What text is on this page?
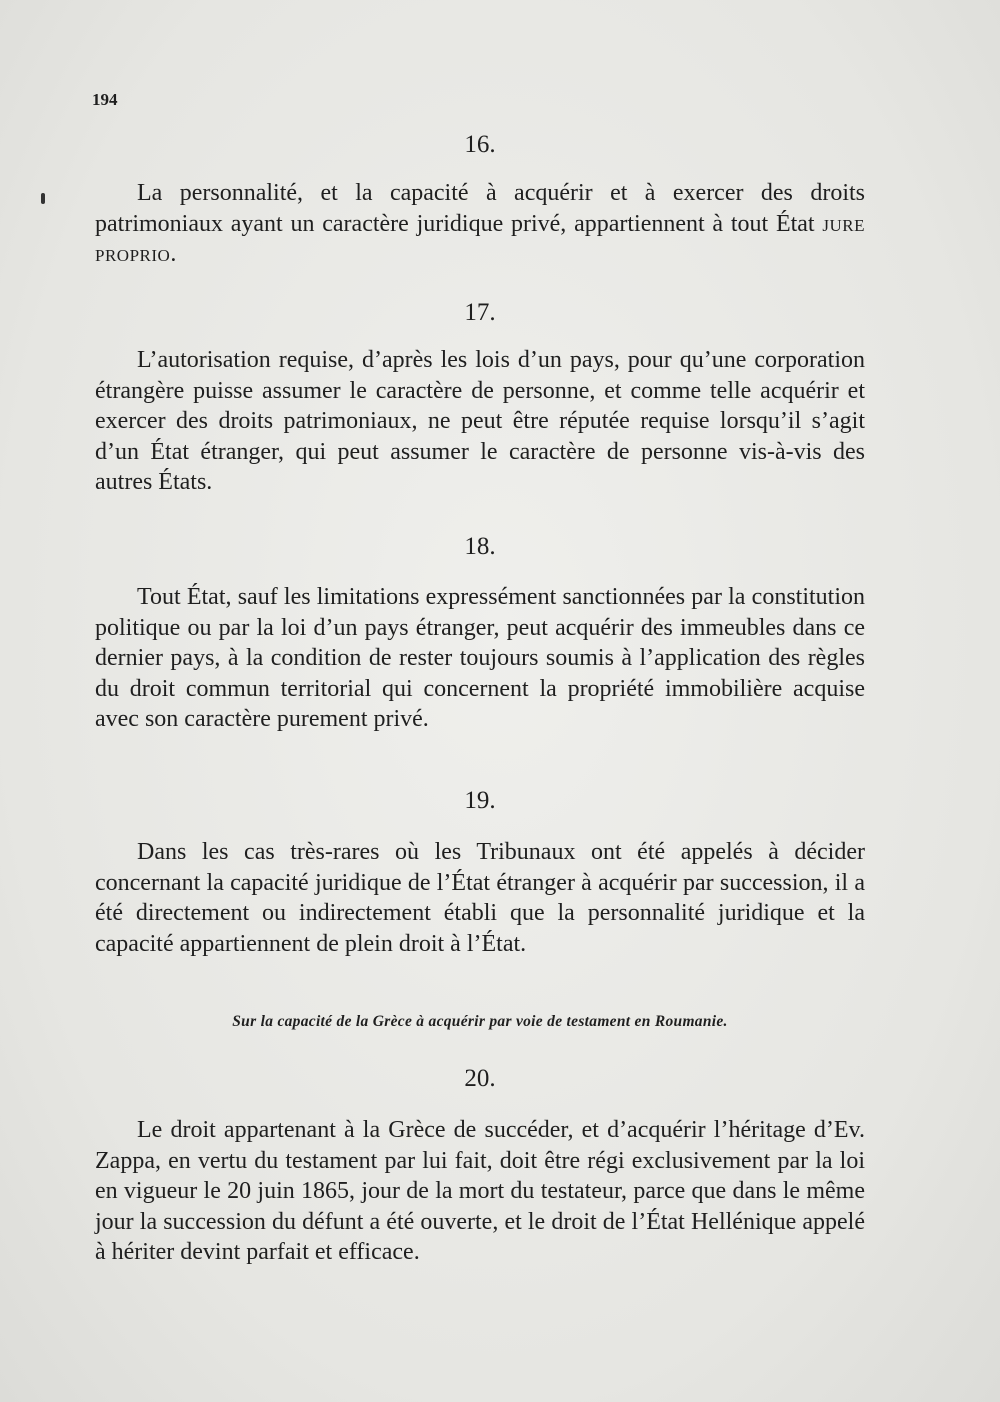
194

16.

La personnalité, et la capacité à acquérir et à exercer des droits patrimoniaux ayant un caractère juridique privé, appartiennent à tout État jure proprio.

17.

L’autorisation requise, d’après les lois d’un pays, pour qu’une corporation étrangère puisse assumer le caractère de personne, et comme telle acquérir et exercer des droits patrimoniaux, ne peut être réputée requise lorsqu’il s’agit d’un État étranger, qui peut assumer le caractère de personne vis-à-vis des autres États.

18.

Tout État, sauf les limitations expressément sanctionnées par la constitution politique ou par la loi d’un pays étranger, peut acquérir des immeubles dans ce dernier pays, à la condition de rester toujours soumis à l’application des règles du droit commun territorial qui concernent la propriété immobilière acquise avec son caractère purement privé.

19.

Dans les cas très-rares où les Tribunaux ont été appelés à décider concernant la capacité juridique de l’État étranger à acquérir par succession, il a été directement ou indirectement établi que la personnalité juridique et la capacité appartiennent de plein droit à l’État.

Sur la capacité de la Grèce à acquérir par voie de testament en Roumanie.

20.

Le droit appartenant à la Grèce de succéder, et d’acquérir l’héritage d’Ev. Zappa, en vertu du testament par lui fait, doit être régi exclusivement par la loi en vigueur le 20 juin 1865, jour de la mort du testateur, parce que dans le même jour la succession du défunt a été ouverte, et le droit de l’État Hellénique appelé à hériter devint parfait et efficace.
